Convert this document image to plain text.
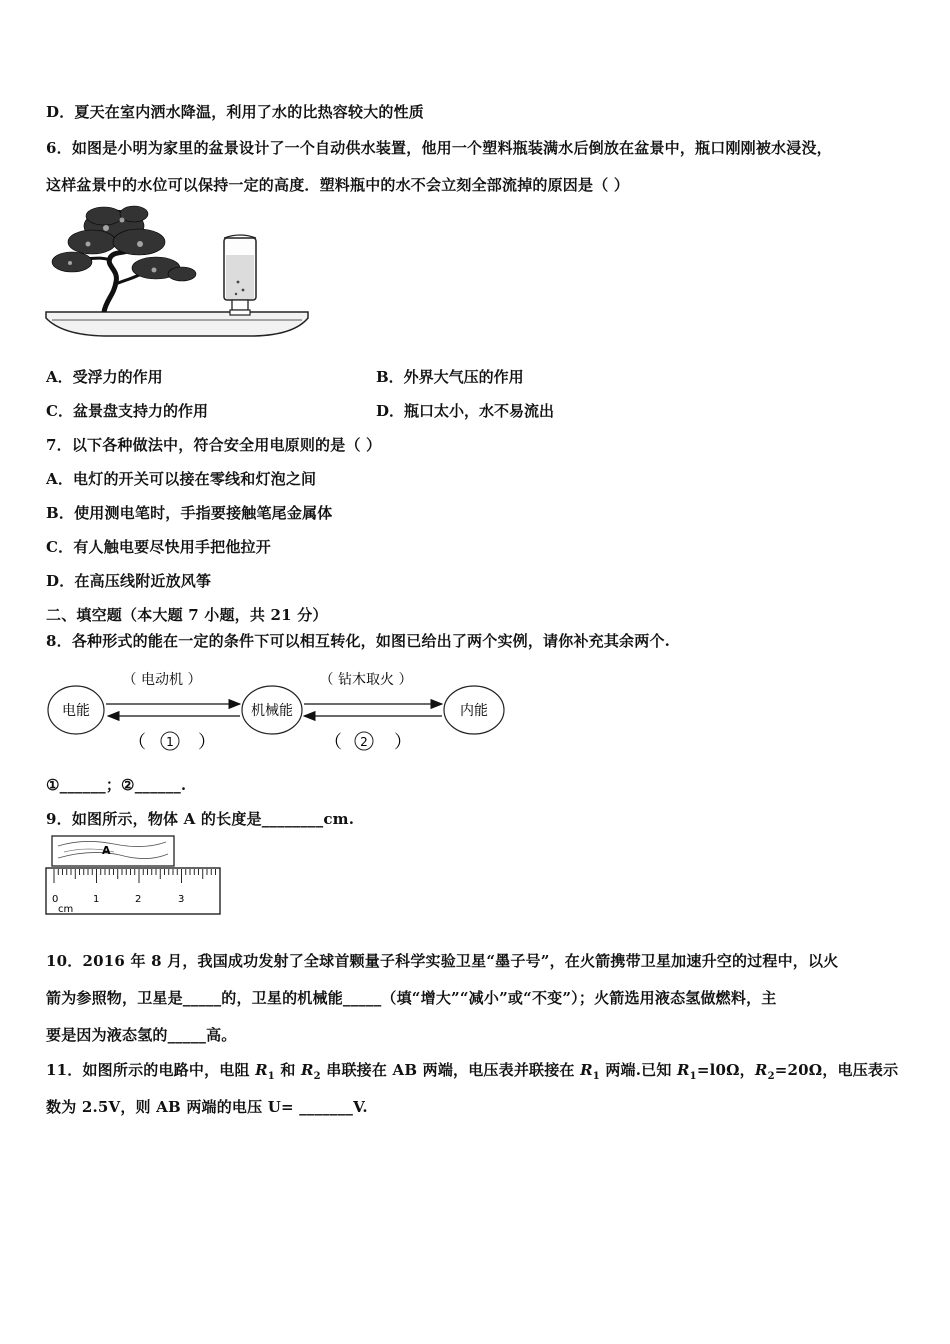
D．夏天在室内洒水降温，利用了水的比热容较大的性质
6．如图是小明为家里的盆景设计了一个自动供水装置，他用一个塑料瓶装满水后倒放在盆景中，瓶口刚刚被水浸没，
这样盆景中的水位可以保持一定的高度．塑料瓶中的水不会立刻全部流掉的原因是（ ）
A．受浮力的作用	B．外界大气压的作用
C．盆景盘支持力的作用	D．瓶口太小，水不易流出
7．以下各种做法中，符合安全用电原则的是（ ）
A．电灯的开关可以接在零线和灯泡之间
B．使用测电笔时，手指要接触笔尾金属体
C．有人触电要尽快用手把他拉开
D．在高压线附近放风筝
二、填空题（本大题 7 小题，共 21 分）
8．各种形式的能在一定的条件下可以相互转化，如图已给出了两个实例，请你补充其余两个.
电能	机械能	内能
（ 电动机 ）	（ 钻木取火 ）
（ 1 ）	（ 2 ）
①______；②______.
9．如图所示，物体 A 的长度是________cm.
A
0	1	2	3
cm
10．2016 年 8 月，我国成功发射了全球首颗量子科学实验卫星“墨子号”，在火箭携带卫星加速升空的过程中，以火
箭为参照物，卫星是_____的，卫星的机械能_____（填“增大”“减小”或“不变”）；火箭选用液态氢做燃料，主
要是因为液态氢的_____高。
11．如图所示的电路中，电阻 $R_1$ 和 $R_2$ 串联接在 AB 两端，电压表并联接在 $R_1$ 两端.已知 $R_1=l0\Omega$，$R_2=20\Omega$，电压表示
数为 2.5V，则 AB 两端的电压 U= _______V.
